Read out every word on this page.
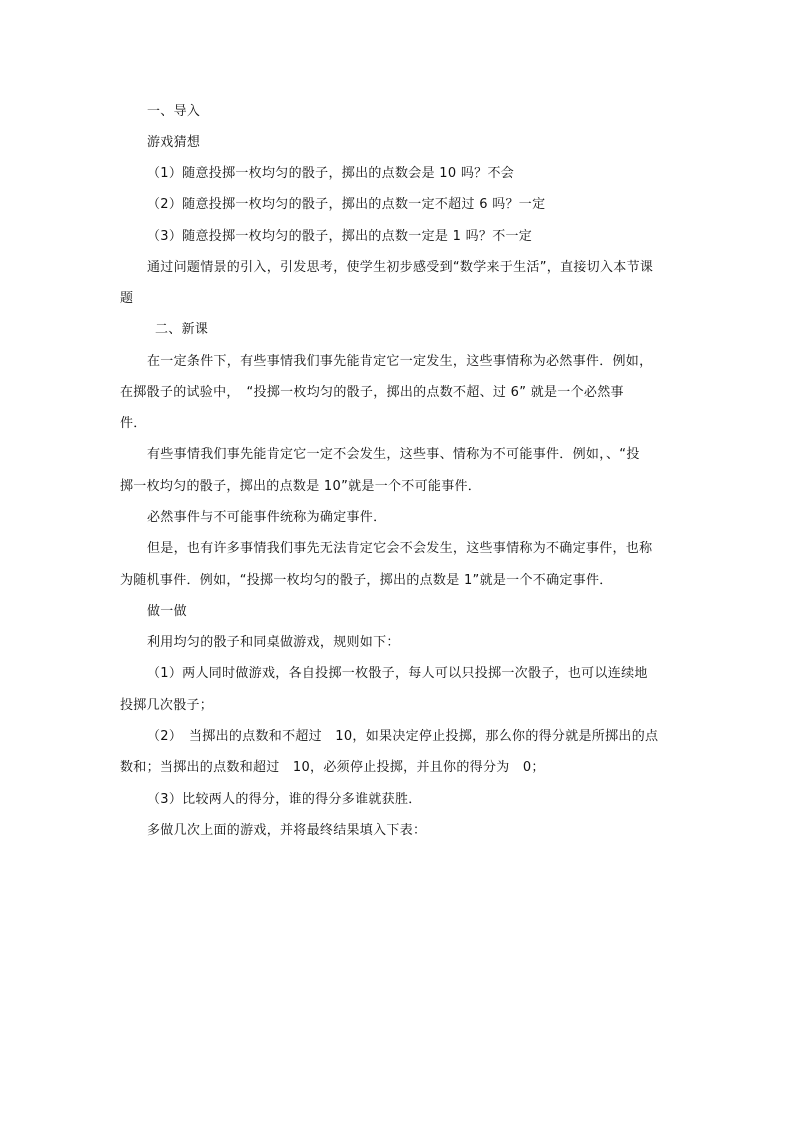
一、导入
游戏猜想
（1）随意投掷一枚均匀的骰子，掷出的点数会是 10 吗？不会
（2）随意投掷一枚均匀的骰子，掷出的点数一定不超过 6 吗？一定
（3）随意投掷一枚均匀的骰子，掷出的点数一定是 1 吗？不一定
通过问题情景的引入，引发思考，使学生初步感受到“数学来于生活”，直接切入本节课
题
二、新课
在一定条件下，有些事情我们事先能肯定它一定发生，这些事情称为必然事件．例如，
在掷骰子的试验中，　“投掷一枚均匀的骰子，掷出的点数不超、过 6” 就是一个必然事
件．
有些事情我们事先能肯定它一定不会发生，这些事、情称为不可能事件．例如，、“投
掷一枚均匀的骰子，掷出的点数是 10”就是一个不可能事件．
必然事件与不可能事件统称为确定事件．
但是，也有许多事情我们事先无法肯定它会不会发生，这些事情称为不确定事件，也称
为随机事件．例如，“投掷一枚均匀的骰子，掷出的点数是 1”就是一个不确定事件．
做一做
利用均匀的骰子和同桌做游戏，规则如下：
（1）两人同时做游戏，各自投掷一枚骰子，每人可以只投掷一次骰子，也可以连续地
投掷几次骰子；
（2）　当掷出的点数和不超过　10，如果决定停止投掷，那么你的得分就是所掷出的点
数和；当掷出的点数和超过　10，必须停止投掷，并且你的得分为　0；
（3）比较两人的得分，谁的得分多谁就获胜．
多做几次上面的游戏，并将最终结果填入下表：
